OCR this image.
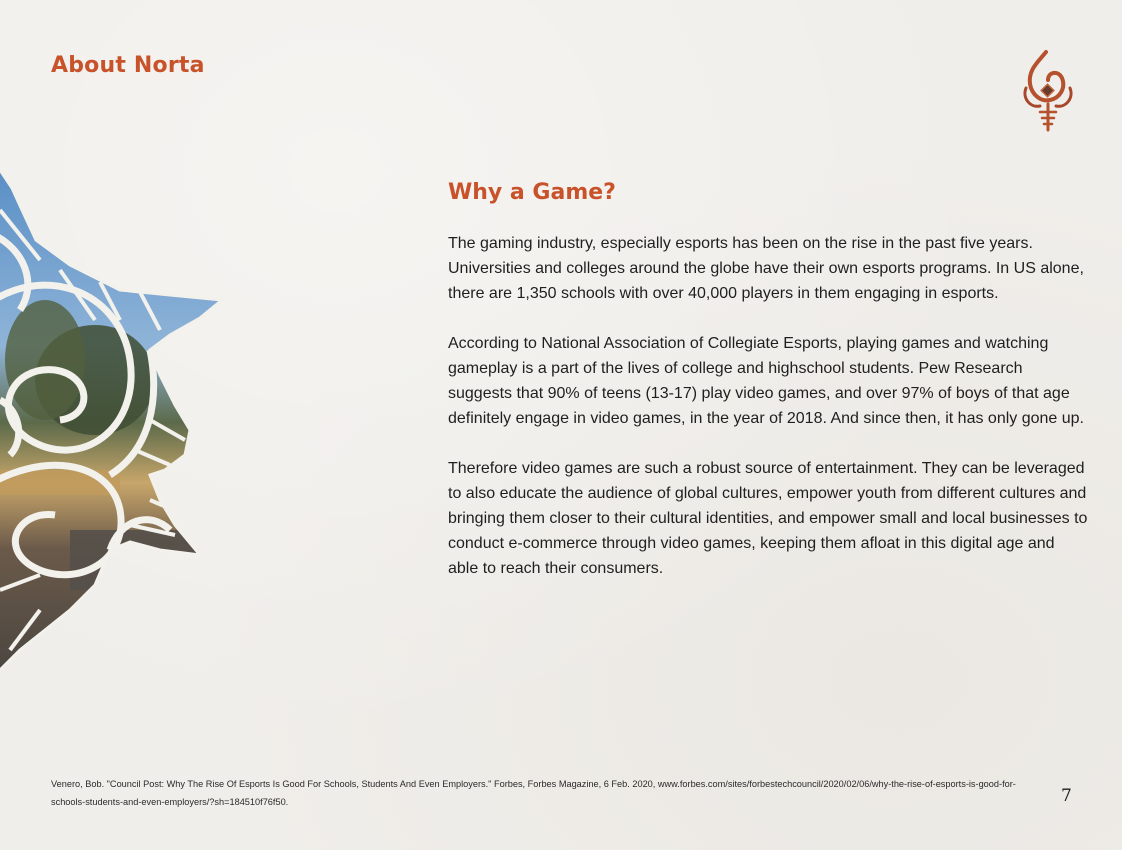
About Norta
Why a Game?

The gaming industry, especially esports has been on the rise in the past five years. Universities and colleges around the globe have their own esports programs. In US alone, there are 1,350 schools with over 40,000 players in them engaging in esports.

According to National Association of Collegiate Esports, playing games and watching gameplay is a part of the lives of college and highschool students. Pew Research suggests that 90% of teens (13-17) play video games, and over 97% of boys of that age definitely engage in video games, in the year of 2018. And since then, it has only gone up.

Therefore video games are such a robust source of entertainment. They can be leveraged to also educate the audience of global cultures, empower youth from different cultures and bringing them closer to their cultural identities, and empower small and local businesses to conduct e-commerce through video games, keeping them afloat in this digital age and able to reach their consumers.

Venero, Bob. "Council Post: Why The Rise Of Esports Is Good For Schools, Students And Even Employers." Forbes, Forbes Magazine, 6 Feb. 2020, www.forbes.com/sites/forbestechcouncil/2020/02/06/why-the-rise-of-esports-is-good-for-schools-students-and-even-employers/?sh=184510f76f50.	7
